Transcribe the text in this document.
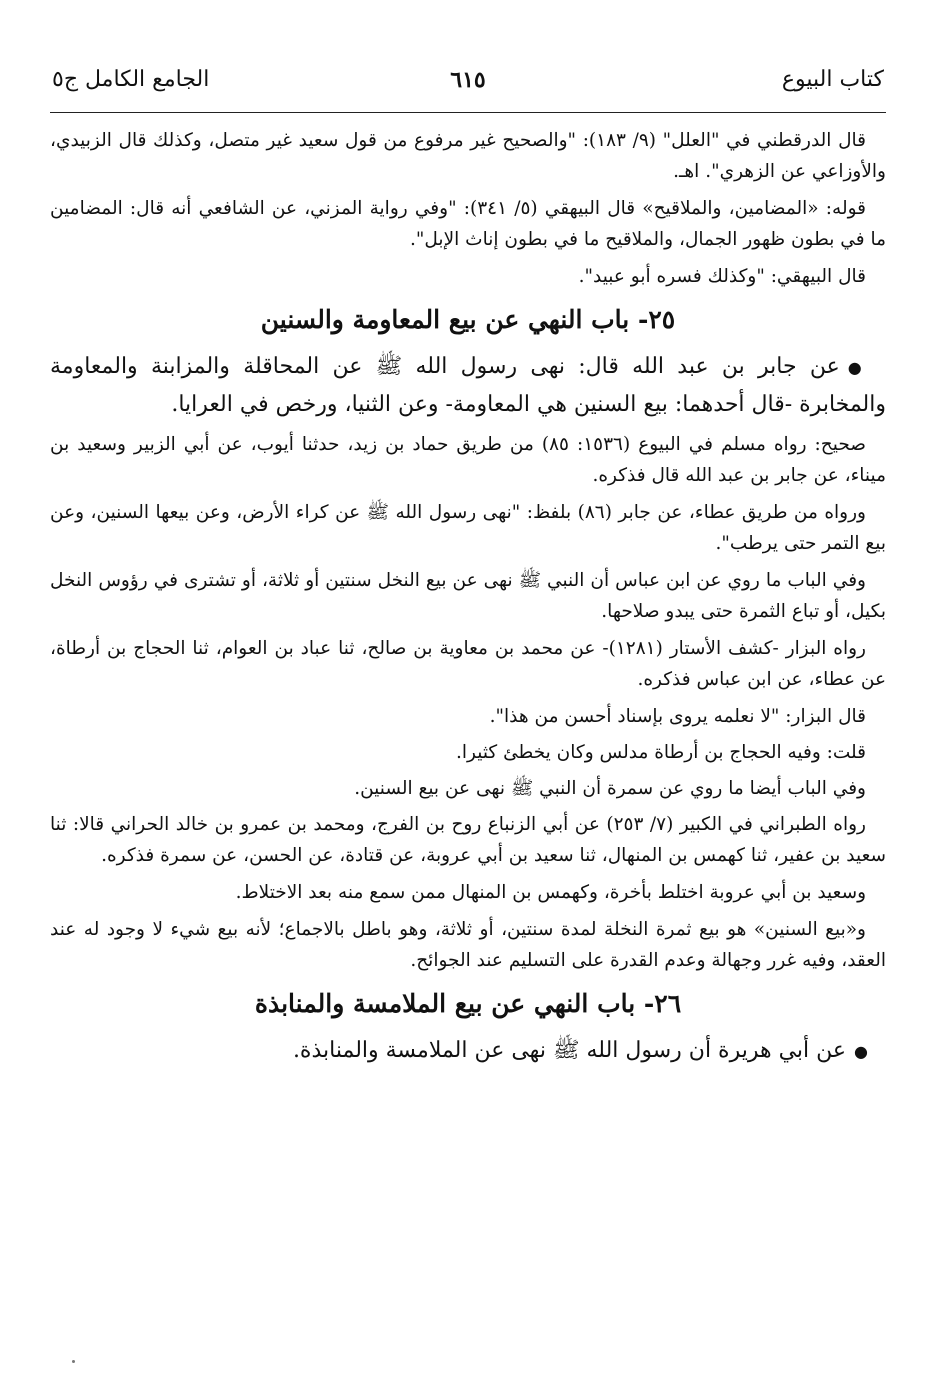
كتاب البيوع
٦١٥
الجامع الكامل ج٥

قال الدرقطني في "العلل" (٩/ ١٨٣): "والصحيح غير مرفوع من قول سعيد غير متصل، وكذلك قال الزبيدي، والأوزاعي عن الزهري". اهـ.

قوله: «المضامين، والملاقيح» قال البيهقي (٥/ ٣٤١): "وفي رواية المزني، عن الشافعي أنه قال: المضامين ما في بطون ظهور الجمال، والملاقيح ما في بطون إناث الإبل".

قال البيهقي: "وكذلك فسره أبو عبيد".

٢٥- باب النهي عن بيع المعاومة والسنين

●عن جابر بن عبد الله قال: نهى رسول الله ﷺ عن المحاقلة والمزابنة والمعاومة والمخابرة -قال أحدهما: بيع السنين هي المعاومة- وعن الثنيا، ورخص في العرايا.

صحيح: رواه مسلم في البيوع (١٥٣٦: ٨٥) من طريق حماد بن زيد، حدثنا أيوب، عن أبي الزبير وسعيد بن ميناء، عن جابر بن عبد الله قال فذكره.

ورواه من طريق عطاء، عن جابر (٨٦) بلفظ: "نهى رسول الله ﷺ عن كراء الأرض، وعن بيعها السنين، وعن بيع التمر حتى يرطب".

وفي الباب ما روي عن ابن عباس أن النبي ﷺ نهى عن بيع النخل سنتين أو ثلاثة، أو تشترى في رؤوس النخل بكيل، أو تباع الثمرة حتى يبدو صلاحها.

رواه البزار -كشف الأستار (١٢٨١)- عن محمد بن معاوية بن صالح، ثنا عباد بن العوام، ثنا الحجاج بن أرطاة، عن عطاء، عن ابن عباس فذكره.

قال البزار: "لا نعلمه يروى بإسناد أحسن من هذا".

قلت: وفيه الحجاج بن أرطاة مدلس وكان يخطئ كثيرا.

وفي الباب أيضا ما روي عن سمرة أن النبي ﷺ نهى عن بيع السنين.

رواه الطبراني في الكبير (٧/ ٢٥٣) عن أبي الزنباع روح بن الفرج، ومحمد بن عمرو بن خالد الحراني قالا: ثنا سعيد بن عفير، ثنا كهمس بن المنهال، ثنا سعيد بن أبي عروبة، عن قتادة، عن الحسن، عن سمرة فذكره.

وسعيد بن أبي عروبة اختلط بأخرة، وكهمس بن المنهال ممن سمع منه بعد الاختلاط.

و«بيع السنين» هو بيع ثمرة النخلة لمدة سنتين، أو ثلاثة، وهو باطل بالاجماع؛ لأنه بيع شيء لا وجود له عند العقد، وفيه غرر وجهالة وعدم القدرة على التسليم عند الجوائح.

٢٦- باب النهي عن بيع الملامسة والمنابذة

●عن أبي هريرة أن رسول الله ﷺ نهى عن الملامسة والمنابذة.
